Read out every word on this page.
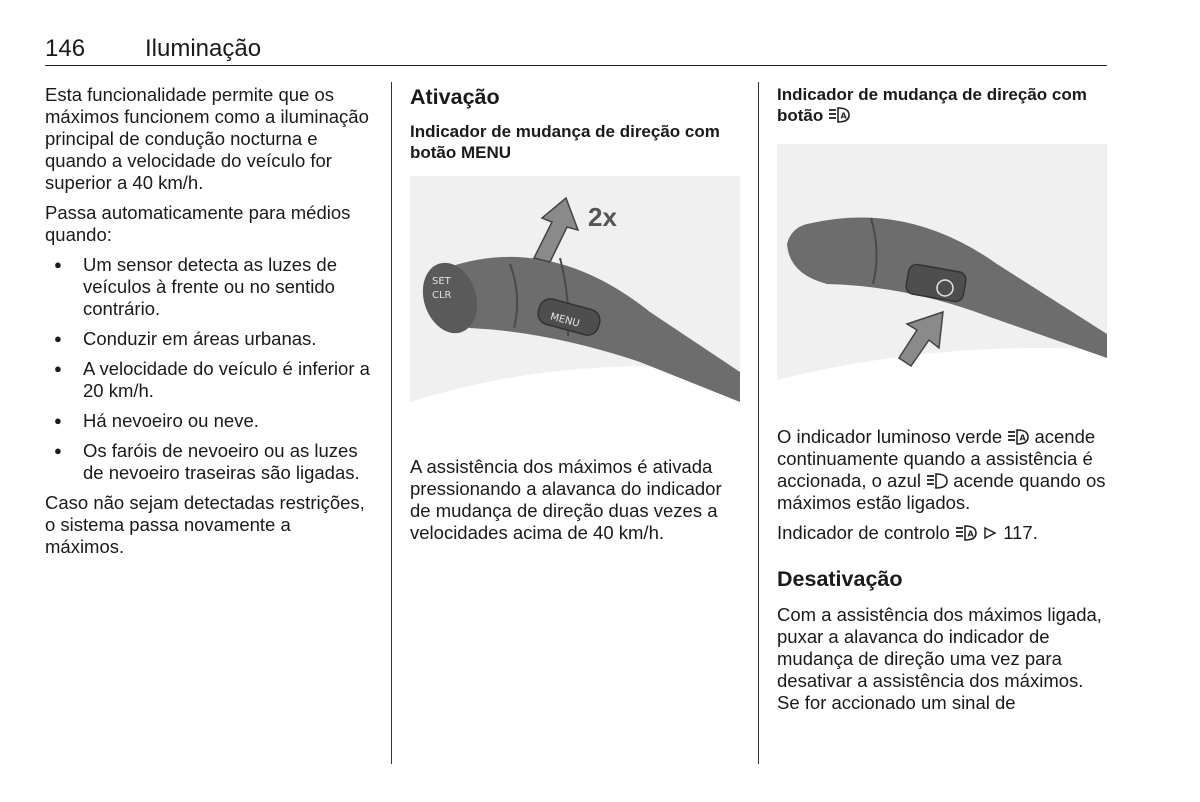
146 Iluminação

Esta funcionalidade permite que os máximos funcionem como a iluminação principal de condução nocturna e quando a velocidade do veículo for superior a 40 km/h.

Passa automaticamente para médios quando:

● Um sensor detecta as luzes de veículos à frente ou no sentido contrário.
● Conduzir em áreas urbanas.
● A velocidade do veículo é inferior a 20 km/h.
● Há nevoeiro ou neve.
● Os faróis de nevoeiro ou as luzes de nevoeiro traseiras são ligadas.

Caso não sejam detectadas restrições, o sistema passa novamente a máximos.

Ativação
Indicador de mudança de direção com botão MENU
SET
CLR
MENU
2x

A assistência dos máximos é ativada pressionando a alavanca do indicador de mudança de direção duas vezes a velocidades acima de 40 km/h.

Indicador de mudança de direção com botão A

O indicador luminoso verde A acende continuamente quando a assistência é accionada, o azul acende quando os máximos estão ligados.

Indicador de controlo A 117.

Desativação

Com a assistência dos máximos ligada, puxar a alavanca do indicador de mudança de direção uma vez para desativar a assistência dos máximos. Se for accionado um sinal de
